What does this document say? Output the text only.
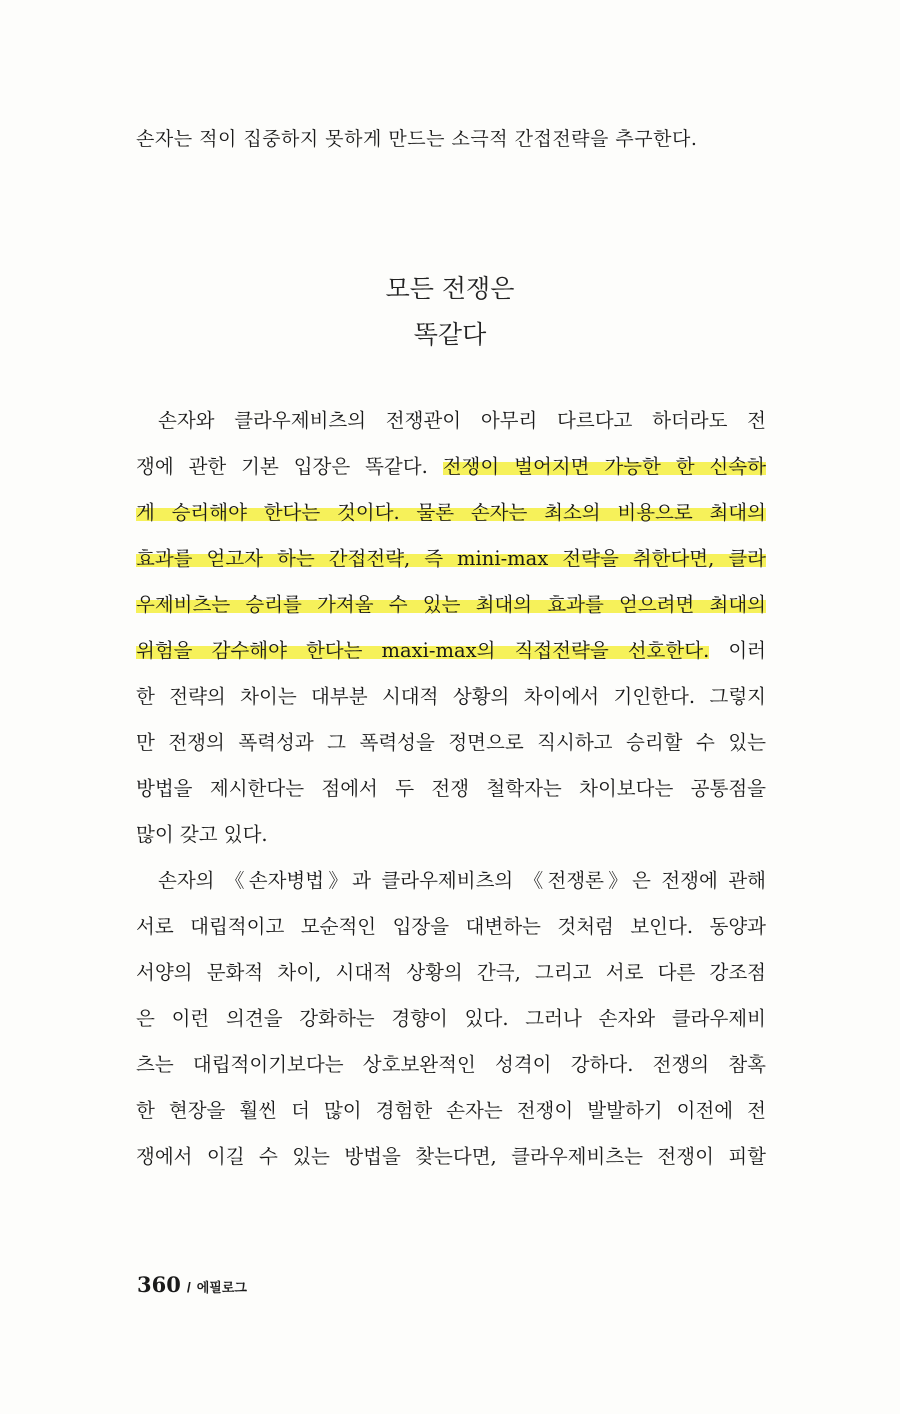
손자는 적이 집중하지 못하게 만드는 소극적 간접전략을 추구한다.
모든 전쟁은
똑같다
손자와 클라우제비츠의 전쟁관이 아무리 다르다고 하더라도 전
쟁에 관한 기본 입장은 똑같다. 전쟁이 벌어지면 가능한 한 신속하
게 승리해야 한다는 것이다. 물론 손자는 최소의 비용으로 최대의
효과를 얻고자 하는 간접전략, 즉 mini-max 전략을 취한다면, 클라
우제비츠는 승리를 가져올 수 있는 최대의 효과를 얻으려면 최대의
위험을 감수해야 한다는 maxi-max의 직접전략을 선호한다. 이러
한 전략의 차이는 대부분 시대적 상황의 차이에서 기인한다. 그렇지
만 전쟁의 폭력성과 그 폭력성을 정면으로 직시하고 승리할 수 있는
방법을 제시한다는 점에서 두 전쟁 철학자는 차이보다는 공통점을
많이 갖고 있다.
손자의 《손자병법》과 클라우제비츠의 《전쟁론》은 전쟁에 관해
서로 대립적이고 모순적인 입장을 대변하는 것처럼 보인다. 동양과
서양의 문화적 차이, 시대적 상황의 간극, 그리고 서로 다른 강조점
은 이런 의견을 강화하는 경향이 있다. 그러나 손자와 클라우제비
츠는 대립적이기보다는 상호보완적인 성격이 강하다. 전쟁의 참혹
한 현장을 훨씬 더 많이 경험한 손자는 전쟁이 발발하기 이전에 전
쟁에서 이길 수 있는 방법을 찾는다면, 클라우제비츠는 전쟁이 피할
360 / 에필로그
